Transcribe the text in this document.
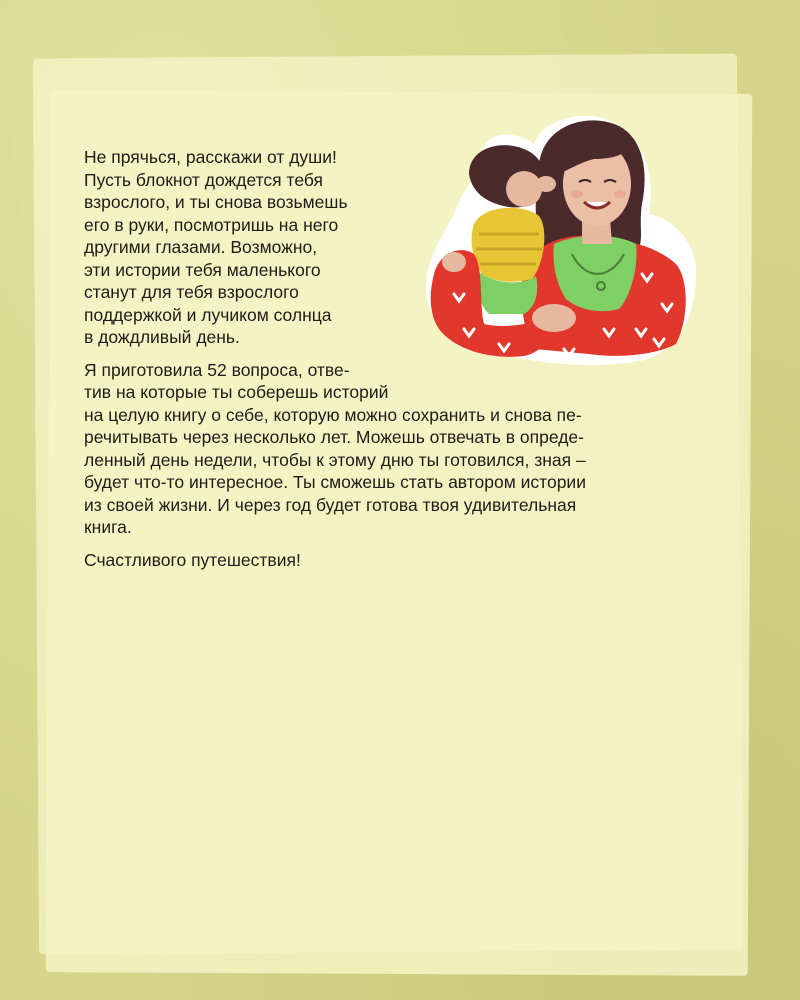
Не прячься, расскажи от души!
Пусть блокнот дождется тебя
взрослого, и ты снова возьмешь
его в руки, посмотришь на него
другими глазами. Возможно,
эти истории тебя маленького
станут для тебя взрослого
поддержкой и лучиком солнца
в дождливый день.

Я приготовила 52 вопроса, отве-
тив на которые ты соберешь историй
на целую книгу о себе, которую можно сохранить и снова пе-
речитывать через несколько лет. Можешь отвечать в опреде-
ленный день недели, чтобы к этому дню ты готовился, зная –
будет что-то интересное. Ты сможешь стать автором истории
из своей жизни. И через год будет готова твоя удивительная
книга.

Счастливого путешествия!
